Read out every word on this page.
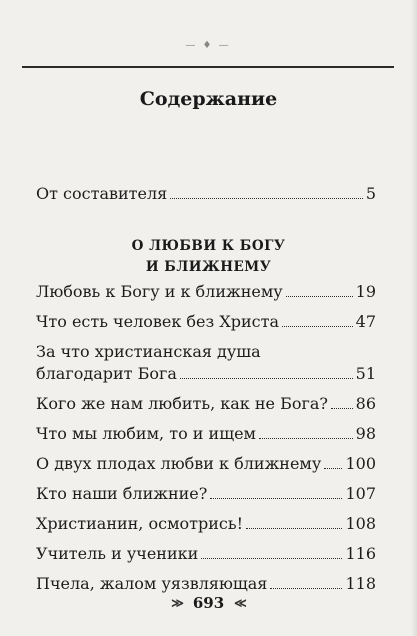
— ♦ —
Содержание
От составителя	5
О ЛЮБВИ К БОГУ
И БЛИЖНЕМУ
Любовь к Богу и к ближнему	19
Что есть человек без Христа	47
За что христианская душа
благодарит Бога	51
Кого же нам любить, как не Бога? 86
Что мы любим, то и ищем	98
О двух плодах любви к ближнему 100
Кто наши ближние?	107
Христианин, осмотрись!	108
Учитель и ученики	116
Пчела, жалом уязвляющая	118
≫ 693 ≪
